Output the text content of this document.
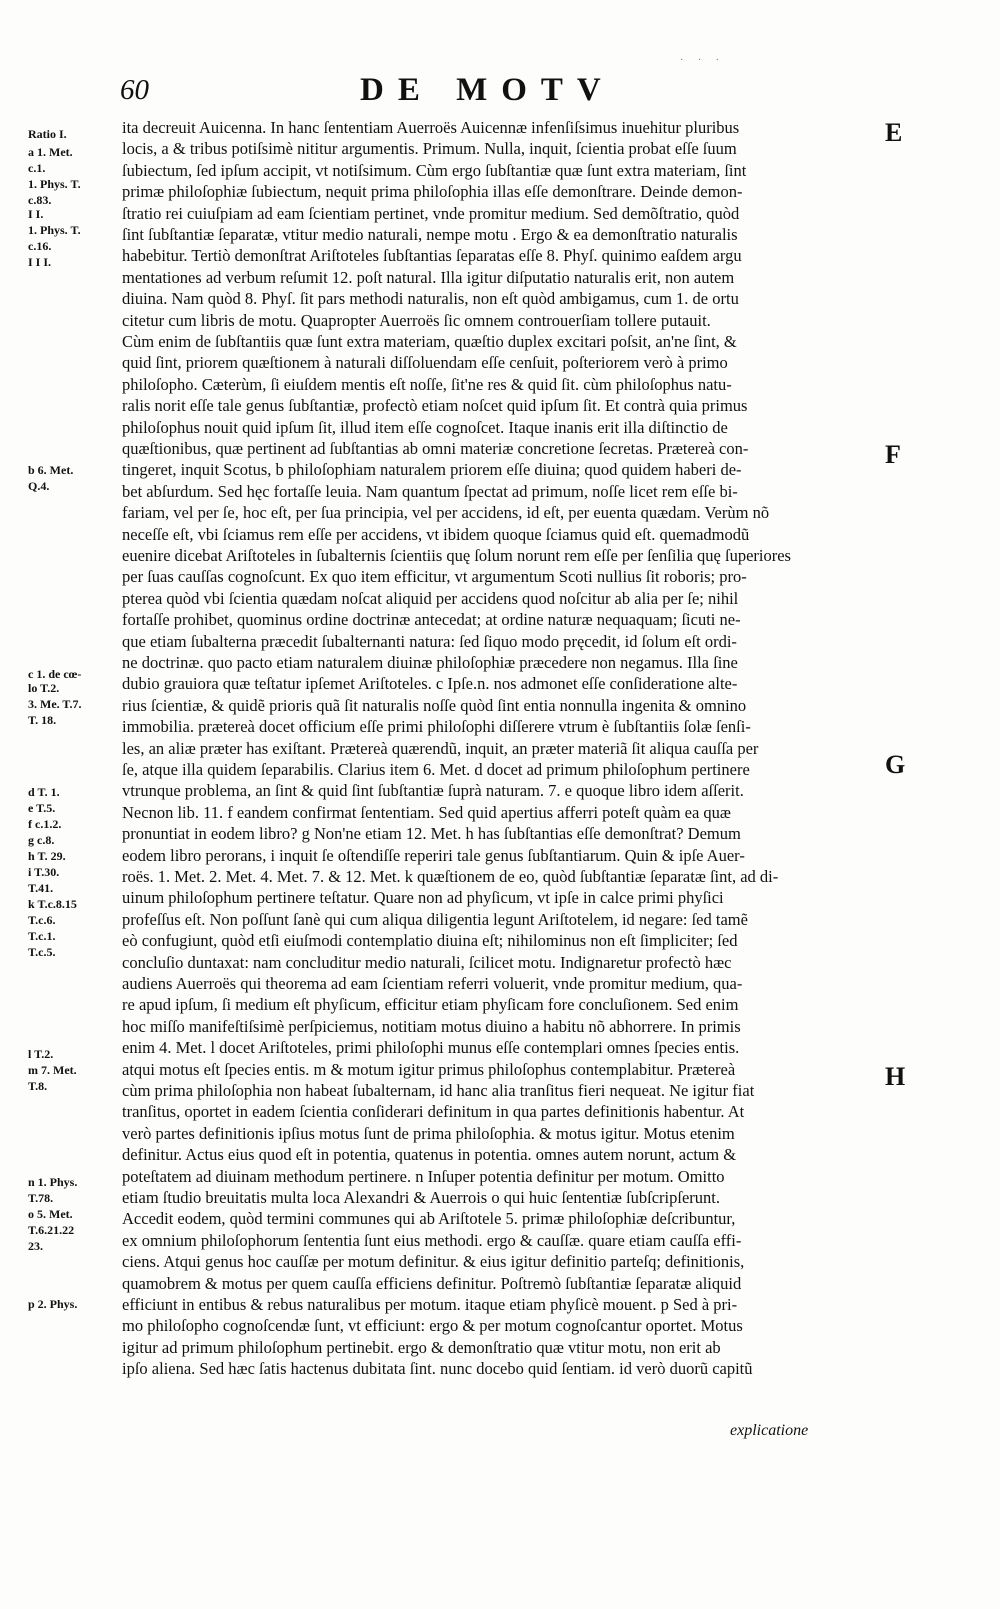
· · ·
60	DE MOTV
Ratio I.
a 1. Met.
c.1.
1. Phys. T.
c.83.
I I.
1. Phys. T.
c.16.
I I I.
b 6. Met.
Q.4.
c 1. de cœ-
lo T.2.
3. Me. T.7.
T. 18.
d T. 1.
e T.5.
f c.1.2.
g c.8.
h T. 29.
i T.30.
T.41.
k T.c.8.15
T.c.6.
T.c.1.
T.c.5.
l T.2.
m 7. Met.
T.8.
n 1. Phys.
T.78.
o 5. Met.
T.6.21.22
23.
p 2. Phys.
ita decreuit Auicenna. In hanc ſententiam Auerroës Auicennæ infenſiſsimus inuehitur pluribus
locis, a & tribus potiſsimè nititur argumentis. Primum. Nulla, inquit, ſcientia probat eſſe ſuum
ſubiectum, ſed ipſum accipit, vt notiſsimum. Cùm ergo ſubſtantiæ quæ ſunt extra materiam, ſint
primæ philoſophiæ ſubiectum, nequit prima philoſophia illas eſſe demonſtrare. Deinde demon-
ſtratio rei cuiuſpiam ad eam ſcientiam pertinet, vnde promitur medium. Sed demõſtratio, quòd
ſint ſubſtantiæ ſeparatæ, vtitur medio naturali, nempe motu . Ergo & ea demonſtratio naturalis
habebitur. Tertiò demonſtrat Ariſtoteles ſubſtantias ſeparatas eſſe 8. Phyſ. quinimo eaſdem argu
mentationes ad verbum reſumit 12. poſt natural. Illa igitur diſputatio naturalis erit, non autem
diuina. Nam quòd 8. Phyſ. ſit pars methodi naturalis, non eſt quòd ambigamus, cum 1. de ortu
citetur cum libris de motu. Quapropter Auerroës ſic omnem controuerſiam tollere putauit.
Cùm enim de ſubſtantiis quæ ſunt extra materiam, quæſtio duplex excitari poſsit, an'ne ſint, &
quid ſint, priorem quæſtionem à naturali diſſoluendam eſſe cenſuit, poſteriorem verò à primo
philoſopho. Cæterùm, ſi eiuſdem mentis eſt noſſe, ſit'ne res & quid ſit. cùm philoſophus natu-
ralis norit eſſe tale genus ſubſtantiæ, profectò etiam noſcet quid ipſum ſit. Et contrà quia primus
philoſophus nouit quid ipſum ſit, illud item eſſe cognoſcet. Itaque inanis erit illa diſtinctio de
quæſtionibus, quæ pertinent ad ſubſtantias ab omni materiæ concretione ſecretas. Prætereà con-
tingeret, inquit Scotus, b philoſophiam naturalem priorem eſſe diuina; quod quidem haberi de-
bet abſurdum. Sed hęc fortaſſe leuia. Nam quantum ſpectat ad primum, noſſe licet rem eſſe bi-
fariam, vel per ſe, hoc eſt, per ſua principia, vel per accidens, id eſt, per euenta quædam. Verùm nõ
neceſſe eſt, vbi ſciamus rem eſſe per accidens, vt ibidem quoque ſciamus quid eſt. quemadmodũ
euenire dicebat Ariſtoteles in ſubalternis ſcientiis quę ſolum norunt rem eſſe per ſenſilia quę ſuperiores
per ſuas cauſſas cognoſcunt. Ex quo item efficitur, vt argumentum Scoti nullius ſit roboris; pro-
pterea quòd vbi ſcientia quædam noſcat aliquid per accidens quod noſcitur ab alia per ſe; nihil
fortaſſe prohibet, quominus ordine doctrinæ antecedat; at ordine naturæ nequaquam; ſicuti ne-
que etiam ſubalterna præcedit ſubalternanti natura: ſed ſiquo modo pręcedit, id ſolum eſt ordi-
ne doctrinæ. quo pacto etiam naturalem diuinæ philoſophiæ præcedere non negamus. Illa ſine
dubio grauiora quæ teſtatur ipſemet Ariſtoteles. c Ipſe.n. nos admonet eſſe conſideratione alte-
rius ſcientiæ, & quidẽ prioris quã ſit naturalis noſſe quòd ſint entia nonnulla ingenita & omnino
immobilia. prætereà docet officium eſſe primi philoſophi diſſerere vtrum è ſubſtantiis ſolæ ſenſi-
les, an aliæ præter has exiſtant. Prætereà quærendũ, inquit, an præter materiã ſit aliqua cauſſa per
ſe, atque illa quidem ſeparabilis. Clarius item 6. Met. d docet ad primum philoſophum pertinere
vtrunque problema, an ſint & quid ſint ſubſtantiæ ſuprà naturam. 7. e quoque libro idem aſſerit.
Necnon lib. 11. f eandem confirmat ſententiam. Sed quid apertius afferri poteſt quàm ea quæ
pronuntiat in eodem libro? g Non'ne etiam 12. Met. h has ſubſtantias eſſe demonſtrat? Demum
eodem libro perorans, i inquit ſe oſtendiſſe reperiri tale genus ſubſtantiarum. Quin & ipſe Auer-
roës. 1. Met. 2. Met. 4. Met. 7. & 12. Met. k quæſtionem de eo, quòd ſubſtantiæ ſeparatæ ſint, ad di-
uinum philoſophum pertinere teſtatur. Quare non ad phyſicum, vt ipſe in calce primi phyſici
profeſſus eſt. Non poſſunt ſanè qui cum aliqua diligentia legunt Ariſtotelem, id negare: ſed tamẽ
eò confugiunt, quòd etſi eiuſmodi contemplatio diuina eſt; nihilominus non eſt ſimpliciter; ſed
concluſio duntaxat: nam concluditur medio naturali, ſcilicet motu. Indignaretur profectò hæc
audiens Auerroës qui theorema ad eam ſcientiam referri voluerit, vnde promitur medium, qua-
re apud ipſum, ſi medium eſt phyſicum, efficitur etiam phyſicam fore concluſionem. Sed enim
hoc miſſo manifeſtiſsimè perſpiciemus, notitiam motus diuino a habitu nõ abhorrere. In primis
enim 4. Met. l docet Ariſtoteles, primi philoſophi munus eſſe contemplari omnes ſpecies entis.
atqui motus eſt ſpecies entis. m & motum igitur primus philoſophus contemplabitur. Prætereà
cùm prima philoſophia non habeat ſubalternam, id hanc alia tranſitus fieri nequeat. Ne igitur fiat
tranſitus, oportet in eadem ſcientia conſiderari definitum in qua partes definitionis habentur. At
verò partes definitionis ipſius motus ſunt de prima philoſophia. & motus igitur. Motus etenim
definitur. Actus eius quod eſt in potentia, quatenus in potentia. omnes autem norunt, actum &
poteſtatem ad diuinam methodum pertinere. n Inſuper potentia definitur per motum. Omitto
etiam ſtudio breuitatis multa loca Alexandri & Auerrois o qui huic ſententiæ ſubſcripſerunt.
Accedit eodem, quòd termini communes qui ab Ariſtotele 5. primæ philoſophiæ deſcribuntur,
ex omnium philoſophorum ſententia ſunt eius methodi. ergo & cauſſæ. quare etiam cauſſa effi-
ciens. Atqui genus hoc cauſſæ per motum definitur. & eius igitur definitio parteſq; definitionis,
quamobrem & motus per quem cauſſa efficiens definitur. Poſtremò ſubſtantiæ ſeparatæ aliquid
efficiunt in entibus & rebus naturalibus per motum. itaque etiam phyſicè mouent. p Sed à pri-
mo philoſopho cognoſcendæ ſunt, vt efficiunt: ergo & per motum cognoſcantur oportet. Motus
igitur ad primum philoſophum pertinebit. ergo & demonſtratio quæ vtitur motu, non erit ab
ipſo aliena. Sed hæc ſatis hactenus dubitata ſint. nunc docebo quid ſentiam. id verò duorũ capitũ
E
F
G
H
explicatione
